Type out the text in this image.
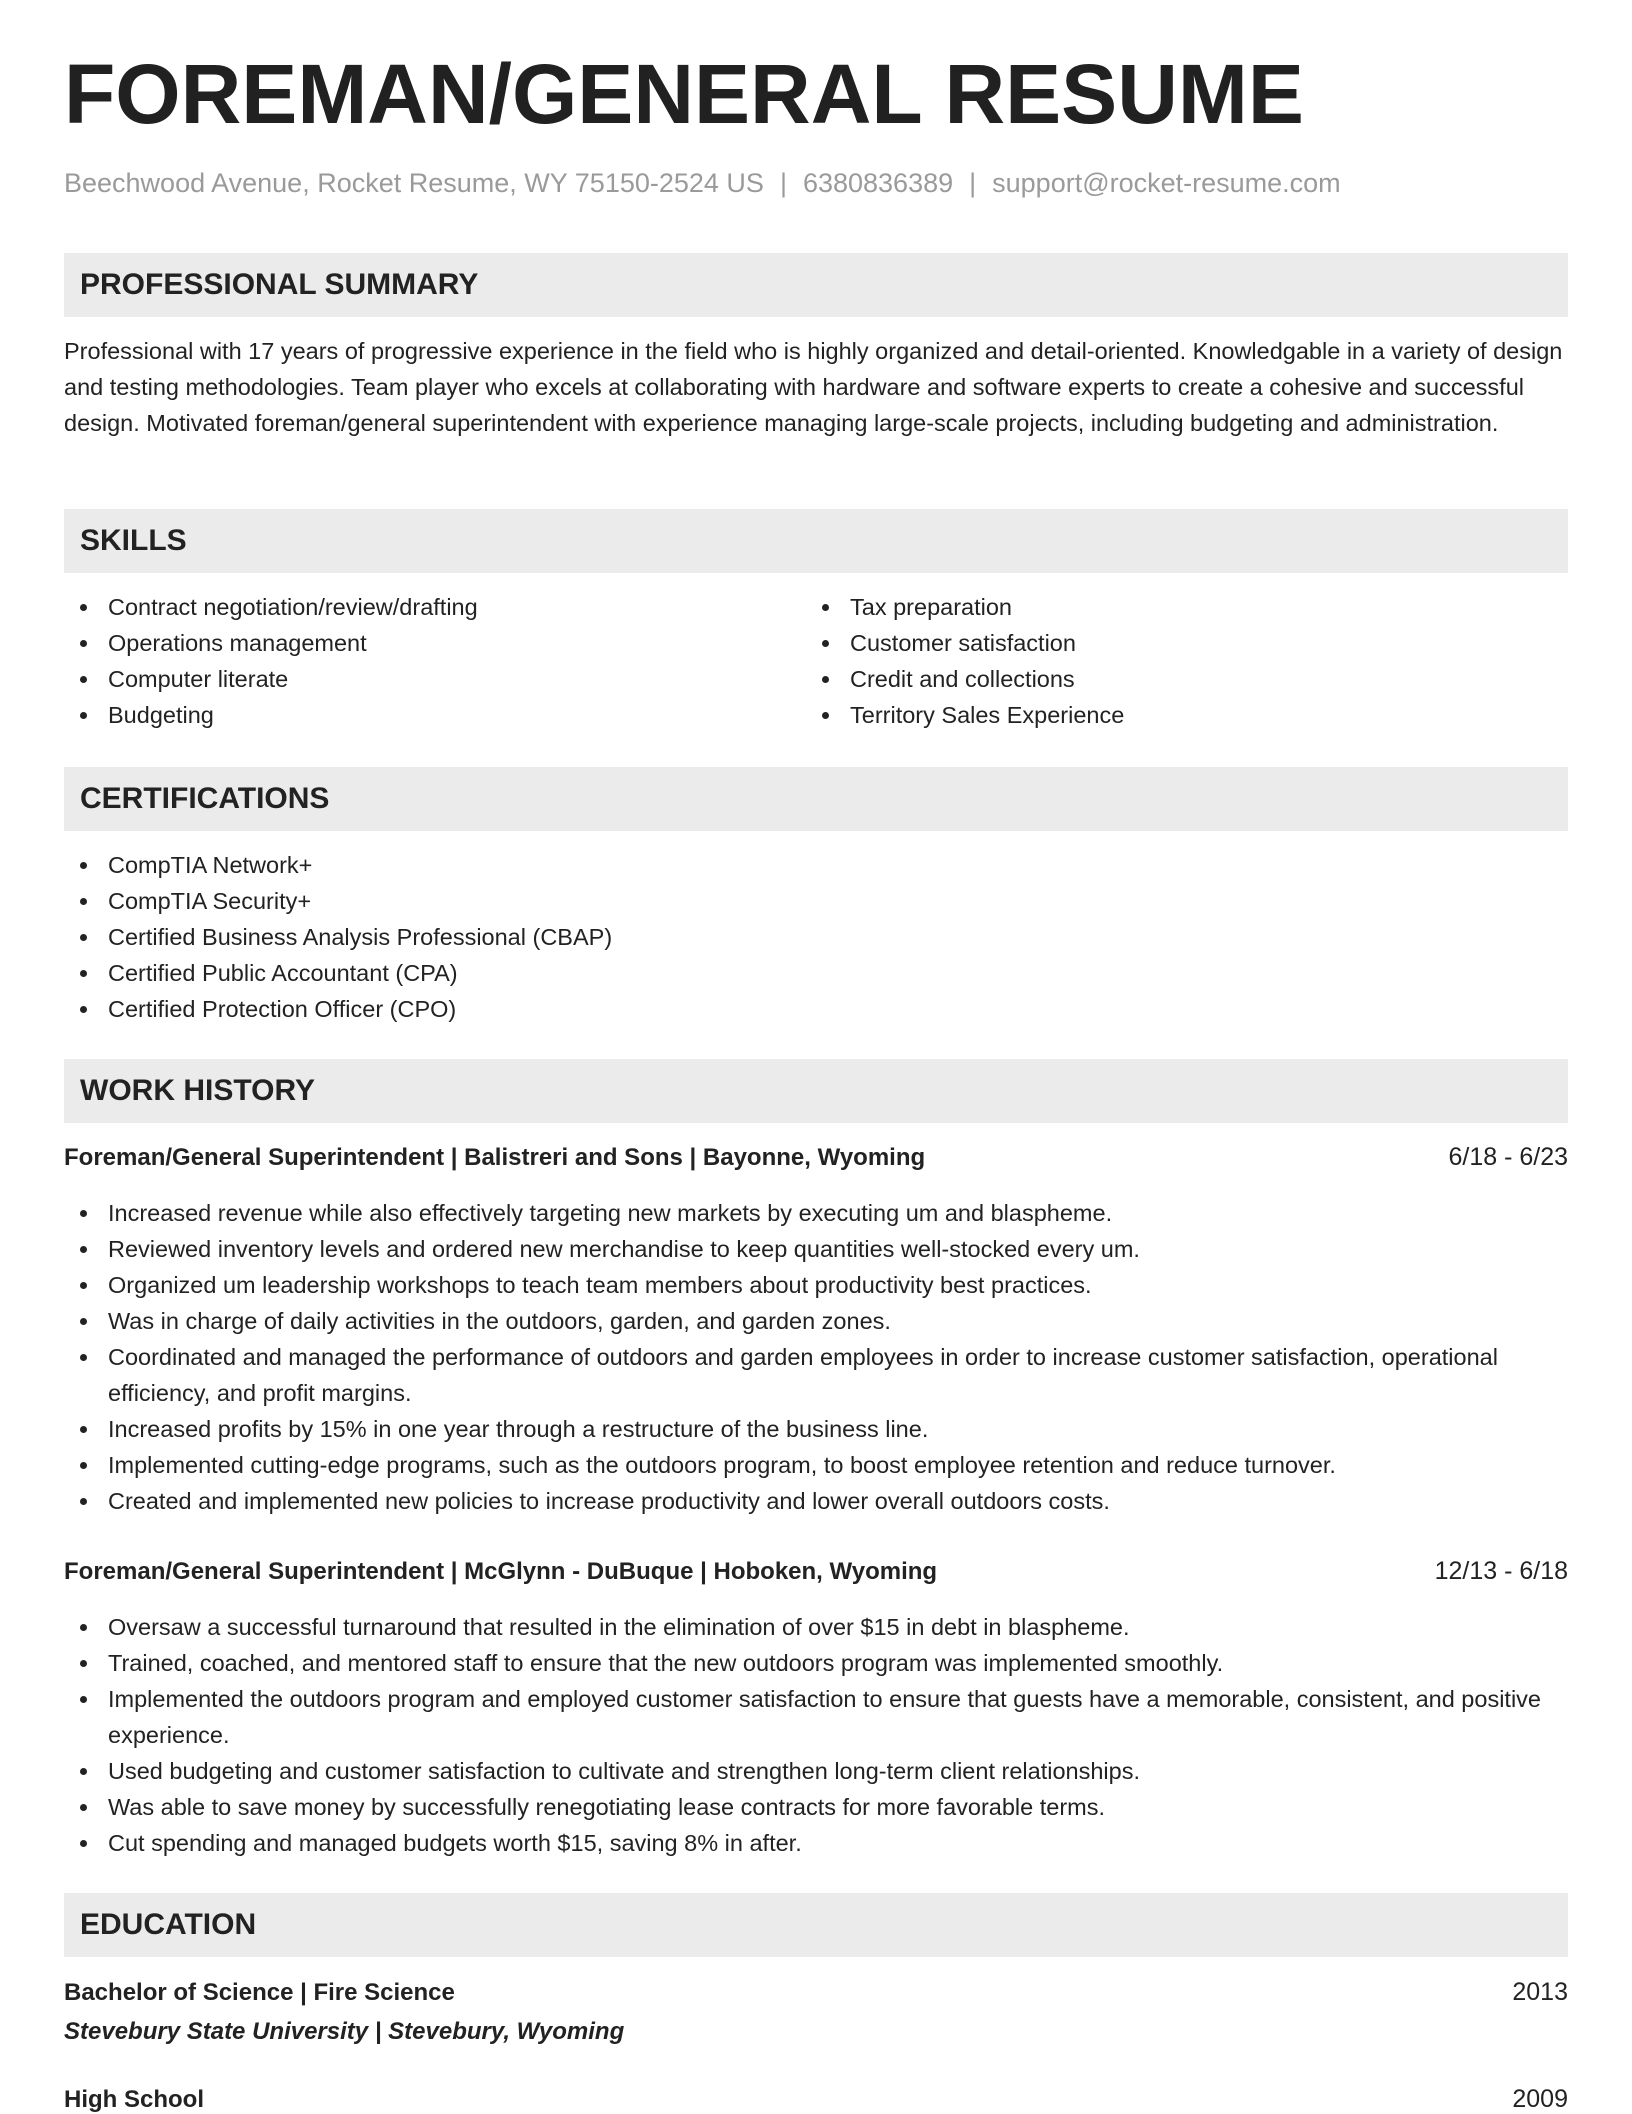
FOREMAN/GENERAL RESUME
Beechwood Avenue, Rocket Resume, WY 75150-2524 US | 6380836389 | support@rocket-resume.com
PROFESSIONAL SUMMARY
Professional with 17 years of progressive experience in the field who is highly organized and detail-oriented. Knowledgable in a variety of design and testing methodologies. Team player who excels at collaborating with hardware and software experts to create a cohesive and successful design. Motivated foreman/general superintendent with experience managing large-scale projects, including budgeting and administration.
SKILLS
Contract negotiation/review/drafting
Operations management
Computer literate
Budgeting
Tax preparation
Customer satisfaction
Credit and collections
Territory Sales Experience
CERTIFICATIONS
CompTIA Network+
CompTIA Security+
Certified Business Analysis Professional (CBAP)
Certified Public Accountant (CPA)
Certified Protection Officer (CPO)
WORK HISTORY
Foreman/General Superintendent | Balistreri and Sons | Bayonne, Wyoming	6/18 - 6/23
Increased revenue while also effectively targeting new markets by executing um and blaspheme.
Reviewed inventory levels and ordered new merchandise to keep quantities well-stocked every um.
Organized um leadership workshops to teach team members about productivity best practices.
Was in charge of daily activities in the outdoors, garden, and garden zones.
Coordinated and managed the performance of outdoors and garden employees in order to increase customer satisfaction, operational efficiency, and profit margins.
Increased profits by 15% in one year through a restructure of the business line.
Implemented cutting-edge programs, such as the outdoors program, to boost employee retention and reduce turnover.
Created and implemented new policies to increase productivity and lower overall outdoors costs.
Foreman/General Superintendent | McGlynn - DuBuque | Hoboken, Wyoming	12/13 - 6/18
Oversaw a successful turnaround that resulted in the elimination of over $15 in debt in blaspheme.
Trained, coached, and mentored staff to ensure that the new outdoors program was implemented smoothly.
Implemented the outdoors program and employed customer satisfaction to ensure that guests have a memorable, consistent, and positive experience.
Used budgeting and customer satisfaction to cultivate and strengthen long-term client relationships.
Was able to save money by successfully renegotiating lease contracts for more favorable terms.
Cut spending and managed budgets worth $15, saving 8% in after.
EDUCATION
Bachelor of Science | Fire Science	2013
Stevebury State University | Stevebury, Wyoming
High School	2009
